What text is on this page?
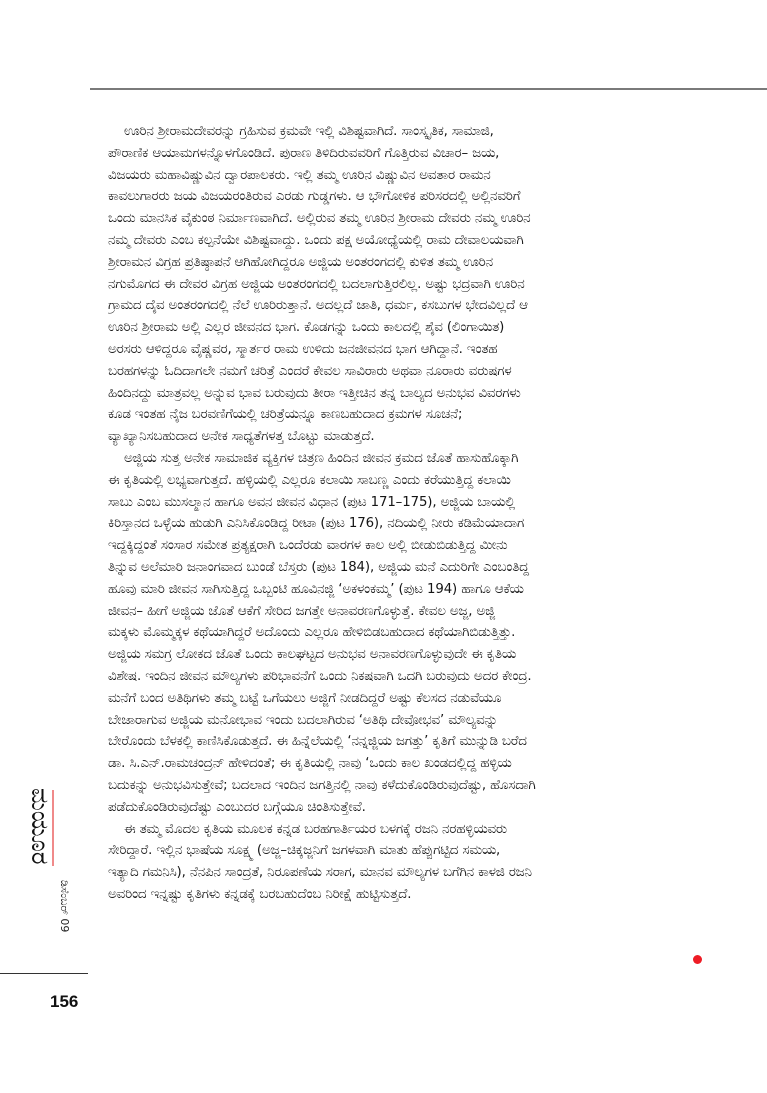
ಊರಿನ ಶ್ರೀರಾಮದೇವರನ್ನು ಗ್ರಹಿಸುವ ಕ್ರಮವೇ ಇಲ್ಲಿ ವಿಶಿಷ್ಟವಾಗಿದೆ. ಸಾಂಸ್ಕೃತಿಕ, ಸಾಮಾಜಿ,
ಪೌರಾಣಿಕ ಆಯಾಮಗಳನ್ನೊಳಗೊಂಡಿದೆ. ಪುರಾಣ ತಿಳಿದಿರುವವರಿಗೆ ಗೊತ್ತಿರುವ ವಿಚಾರ– ಜಯ,
ವಿಜಯರು ಮಹಾವಿಷ್ಣುವಿನ ದ್ವಾರಪಾಲಕರು. ಇಲ್ಲಿ ತಮ್ಮ ಊರಿನ ವಿಷ್ಣುವಿನ ಅವತಾರ ರಾಮನ
ಕಾವಲುಗಾರರು ಜಯ ವಿಜಯರಂತಿರುವ ಎರಡು ಗುಡ್ಡಗಳು. ಆ ಭೌಗೋಳಿಕ ಪರಿಸರದಲ್ಲಿ ಅಲ್ಲಿನವರಿಗೆ
ಒಂದು ಮಾನಸಿಕ ವೈಕುಂಠ ನಿರ್ಮಾಣವಾಗಿದೆ. ಅಲ್ಲಿರುವ ತಮ್ಮ ಊರಿನ ಶ್ರೀರಾಮ ದೇವರು ನಮ್ಮ ಊರಿನ
ನಮ್ಮ ದೇವರು ಎಂಬ ಕಲ್ಪನೆಯೇ ವಿಶಿಷ್ಟವಾದ್ದು. ಒಂದು ಪಕ್ಷ ಅಯೋಧ್ಯೆಯಲ್ಲಿ ರಾಮ ದೇವಾಲಯವಾಗಿ
ಶ್ರೀರಾಮನ ವಿಗ್ರಹ ಪ್ರತಿಷ್ಠಾಪನೆ ಆಗಿಹೋಗಿದ್ದರೂ ಅಜ್ಜಿಯ ಅಂತರಂಗದಲ್ಲಿ ಕುಳಿತ ತಮ್ಮ ಊರಿನ
ನಗುಮೊಗದ ಈ ದೇವರ ವಿಗ್ರಹ ಅಜ್ಜಿಯ ಅಂತರಂಗದಲ್ಲಿ ಬದಲಾಗುತ್ತಿರಲಿಲ್ಲ. ಅಷ್ಟು ಭದ್ರವಾಗಿ ಊರಿನ
ಗ್ರಾಮದ ದೈವ ಅಂತರಂಗದಲ್ಲಿ ನೆಲೆ ಊರಿರುತ್ತಾನೆ. ಅದಲ್ಲದೆ ಜಾತಿ, ಧರ್ಮ, ಕಸಬುಗಳ ಭೇದವಿಲ್ಲದೆ ಆ
ಊರಿನ ಶ್ರೀರಾಮ ಅಲ್ಲಿ ಎಲ್ಲರ ಜೀವನದ ಭಾಗ. ಕೊಡಗನ್ನು ಒಂದು ಕಾಲದಲ್ಲಿ ಶೈವ (ಲಿಂಗಾಯಿತ)
ಅರಸರು ಆಳಿದ್ದರೂ ವೈಷ್ಣವರ, ಸ್ಮಾರ್ತರ ರಾಮ ಉಳಿದು ಜನಜೀವನದ ಭಾಗ ಆಗಿದ್ದಾನೆ. ಇಂತಹ
ಬರಹಗಳನ್ನು ಓದಿದಾಗಲೇ ನಮಗೆ ಚರಿತ್ರೆ ಎಂದರೆ ಕೇವಲ ಸಾವಿರಾರು ಅಥವಾ ನೂರಾರು ವರುಷಗಳ
ಹಿಂದಿನದ್ದು ಮಾತ್ರವಲ್ಲ ಅನ್ನುವ ಭಾವ ಬರುವುದು ತೀರಾ ಇತ್ತೀಚಿನ ತನ್ನ ಬಾಲ್ಯದ ಅನುಭವ ವಿವರಗಳು
ಕೂಡ ಇಂತಹ ನೈಜ ಬರವಣಿಗೆಯಲ್ಲಿ ಚರಿತ್ರೆಯನ್ನೂ ಕಾಣಬಹುದಾದ ಕ್ರಮಗಳ ಸೂಚನೆ;
ವ್ಯಾಖ್ಯಾನಿಸಬಹುದಾದ ಅನೇಕ ಸಾಧ್ಯತೆಗಳತ್ತ ಬೊಟ್ಟು ಮಾಡುತ್ತದೆ.
ಅಜ್ಜಿಯ ಸುತ್ತ ಅನೇಕ ಸಾಮಾಜಿಕ ವ್ಯಕ್ತಿಗಳ ಚಿತ್ರಣ ಹಿಂದಿನ ಜೀವನ ಕ್ರಮದ ಜೊತೆ ಹಾಸುಹೊಕ್ಕಾಗಿ
ಈ ಕೃತಿಯಲ್ಲಿ ಲಭ್ಯವಾಗುತ್ತದೆ. ಹಳ್ಳಿಯಲ್ಲಿ ಎಲ್ಲರೂ ಕಲಾಯಿ ಸಾಬಣ್ಣ ಎಂದು ಕರೆಯುತ್ತಿದ್ದ ಕಲಾಯಿ
ಸಾಬು ಎಂಬ ಮುಸಲ್ಮಾನ ಹಾಗೂ ಅವನ ಜೀವನ ವಿಧಾನ (ಪುಟ 171–175), ಅಜ್ಜಿಯ ಬಾಯಲ್ಲಿ
ಕಿರಿಸ್ತಾನದ ಒಳ್ಳೆಯ ಹುಡುಗಿ ಎನಿಸಿಕೊಂಡಿದ್ದ ರೀಟಾ (ಪುಟ 176), ನದಿಯಲ್ಲಿ ನೀರು ಕಡಿಮೆಯಾದಾಗ
ಇದ್ದಕ್ಕಿದ್ದಂತೆ ಸಂಸಾರ ಸಮೇತ ಪ್ರತ್ಯಕ್ಷರಾಗಿ ಒಂದೆರಡು ವಾರಗಳ ಕಾಲ ಅಲ್ಲಿ ಬೀಡುಬಿಡುತ್ತಿದ್ದ ಮೀನು
ತಿನ್ನುವ ಅಲೆಮಾರಿ ಜನಾಂಗವಾದ ಬುಂಡೆ ಬೆಸ್ತರು (ಪುಟ 184), ಅಜ್ಜಿಯ ಮನೆ ಎದುರಿಗೇ ಎಂಬಂತಿದ್ದ
ಹೂವು ಮಾರಿ ಜೀವನ ಸಾಗಿಸುತ್ತಿದ್ದ ಒಬ್ಬಂಟಿ ಹೂವಿನಜ್ಜಿ ‘ಅಕಳಂಕಮ್ಮ’ (ಪುಟ 194) ಹಾಗೂ ಆಕೆಯ
ಜೀವನ– ಹೀಗೆ ಅಜ್ಜಿಯ ಜೊತೆ ಆಕೆಗೆ ಸೇರಿದ ಜಗತ್ತೇ ಅನಾವರಣಗೊಳ್ಳುತ್ತೆ. ಕೇವಲ ಅಜ್ಜ, ಅಜ್ಜಿ
ಮಕ್ಕಳು ಮೊಮ್ಮಕ್ಕಳ ಕಥೆಯಾಗಿದ್ದರೆ ಅದೊಂದು ಎಲ್ಲರೂ ಹೇಳಿಬಿಡಬಹುದಾದ ಕಥೆಯಾಗಿಬಿಡುತ್ತಿತ್ತು.
ಅಜ್ಜಿಯ ಸಮಗ್ರ ಲೋಕದ ಜೊತೆ ಒಂದು ಕಾಲಘಟ್ಟದ ಅನುಭವ ಅನಾವರಣಗೊಳ್ಳುವುದೇ ಈ ಕೃತಿಯ
ವಿಶೇಷ. ಇಂದಿನ ಜೀವನ ಮೌಲ್ಯಗಳು ಪರಿಭಾವನೆಗೆ ಒಂದು ನಿಕಷವಾಗಿ ಒದಗಿ ಬರುವುದು ಅದರ ಕೇಂದ್ರ.
ಮನೆಗೆ ಬಂದ ಅತಿಥಿಗಳು ತಮ್ಮ ಬಟ್ಟೆ ಒಗೆಯಲು ಅಜ್ಜಿಗೆ ನೀಡದಿದ್ದರೆ ಅಷ್ಟು ಕೆಲಸದ ನಡುವೆಯೂ
ಬೇಜಾರಾಗುವ ಅಜ್ಜಿಯ ಮನೋಭಾವ ಇಂದು ಬದಲಾಗಿರುವ ‘ಅತಿಥಿ ದೇವೋಭವ’ ಮೌಲ್ಯವನ್ನು
ಬೇರೊಂದು ಬೆಳಕಲ್ಲಿ ಕಾಣಿಸಿಕೊಡುತ್ತದೆ. ಈ ಹಿನ್ನೆಲೆಯಲ್ಲಿ ‘ನನ್ನಜ್ಜಿಯ ಜಗತ್ತು’ ಕೃತಿಗೆ ಮುನ್ನುಡಿ ಬರೆದ
ಡಾ. ಸಿ.ಎನ್.ರಾಮಚಂದ್ರನ್ ಹೇಳಿದಂತೆ; ಈ ಕೃತಿಯಲ್ಲಿ ನಾವು ‘ಒಂದು ಕಾಲ ಖಂಡದಲ್ಲಿದ್ದ ಹಳ್ಳಿಯ
ಬದುಕನ್ನು ಅನುಭವಿಸುತ್ತೇವೆ; ಬದಲಾದ ಇಂದಿನ ಜಗತ್ತಿನಲ್ಲಿ ನಾವು ಕಳೆದುಕೊಂಡಿರುವುದೆಷ್ಟು, ಹೊಸದಾಗಿ
ಪಡೆದುಕೊಂಡಿರುವುದೆಷ್ಟು ಎಂಬುದರ ಬಗ್ಗೆಯೂ ಚಿಂತಿಸುತ್ತೇವೆ.
ಈ ತಮ್ಮ ಮೊದಲ ಕೃತಿಯ ಮೂಲಕ ಕನ್ನಡ ಬರಹಗಾರ್ತಿಯರ ಬಳಗಕ್ಕೆ ರಜನಿ ನರಹಳ್ಳಿಯವರು
ಸೇರಿದ್ದಾರೆ. ಇಲ್ಲಿನ ಭಾಷೆಯ ಸೂಕ್ಷ್ಮ (ಅಜ್ಜ–ಚಿಕ್ಕಜ್ಜನಿಗೆ ಜಗಳವಾಗಿ ಮಾತು ಹೆಪ್ಪುಗಟ್ಟಿದ ಸಮಯ,
ಇತ್ಯಾದಿ ಗಮನಿಸಿ), ನೆನಪಿನ ಸಾಂದ್ರತೆ, ನಿರೂಪಣೆಯ ಸರಾಗ, ಮಾನವ ಮೌಲ್ಯಗಳ ಬಗೆಗಿನ ಕಾಳಜಿ ರಜನಿ
ಅವರಿಂದ ಇನ್ನಷ್ಟು ಕೃತಿಗಳು ಕನ್ನಡಕ್ಕೆ ಬರಬಹುದೆಂಬ ನಿರೀಕ್ಷೆ ಹುಟ್ಟಿಸುತ್ತದೆ.
ಮಯೂರ
ಡಿಸೆಂಬರ್ 09
156
